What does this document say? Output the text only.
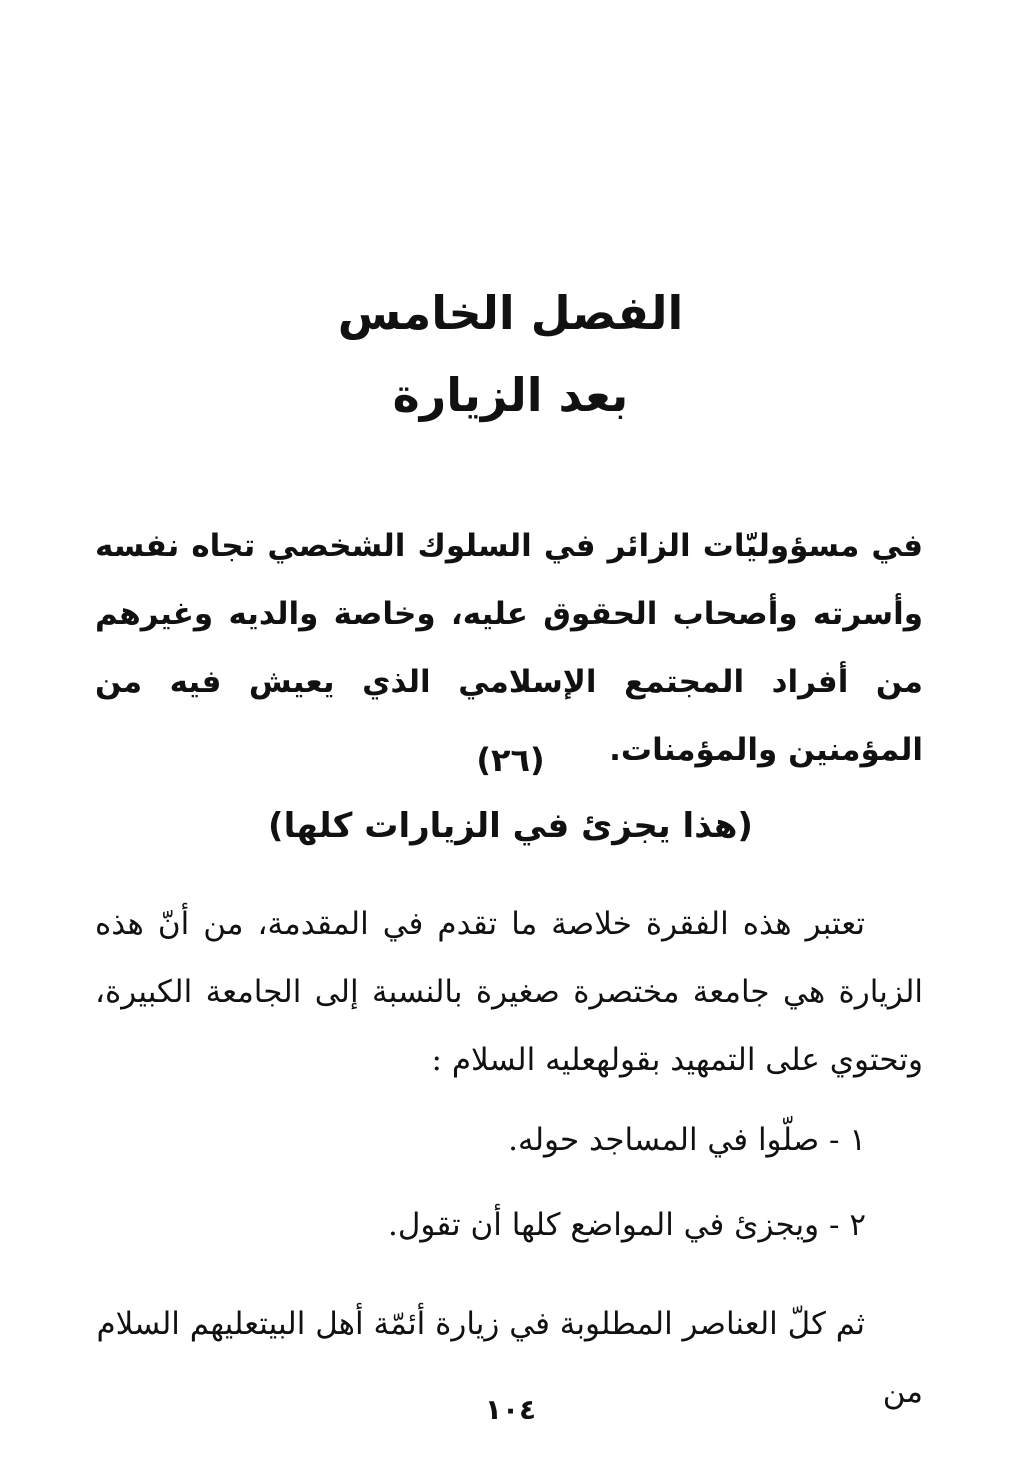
الفصل الخامس
بعد الزيارة

في مسؤوليّات الزائر في السلوك الشخصي تجاه نفسه وأسرته وأصحاب الحقوق عليه، وخاصة والديه وغيرهم من أفراد المجتمع الإسلامي الذي يعيش فيه من المؤمنين والمؤمنات.

(٢٦)
(هذا يجزئ في الزيارات كلها)

تعتبر هذه الفقرة خلاصة ما تقدم في المقدمة، من أنّ هذه الزيارة هي جامعة مختصرة صغيرة بالنسبة إلى الجامعة الكبيرة، وتحتوي على التمهيد بقولهعليه السلام :

١ - صلّوا في المساجد حوله.

٢ - ويجزئ في المواضع كلها أن تقول.

ثم كلّ العناصر المطلوبة في زيارة أئمّة أهل البيتعليهم السلام من

١٠٤
